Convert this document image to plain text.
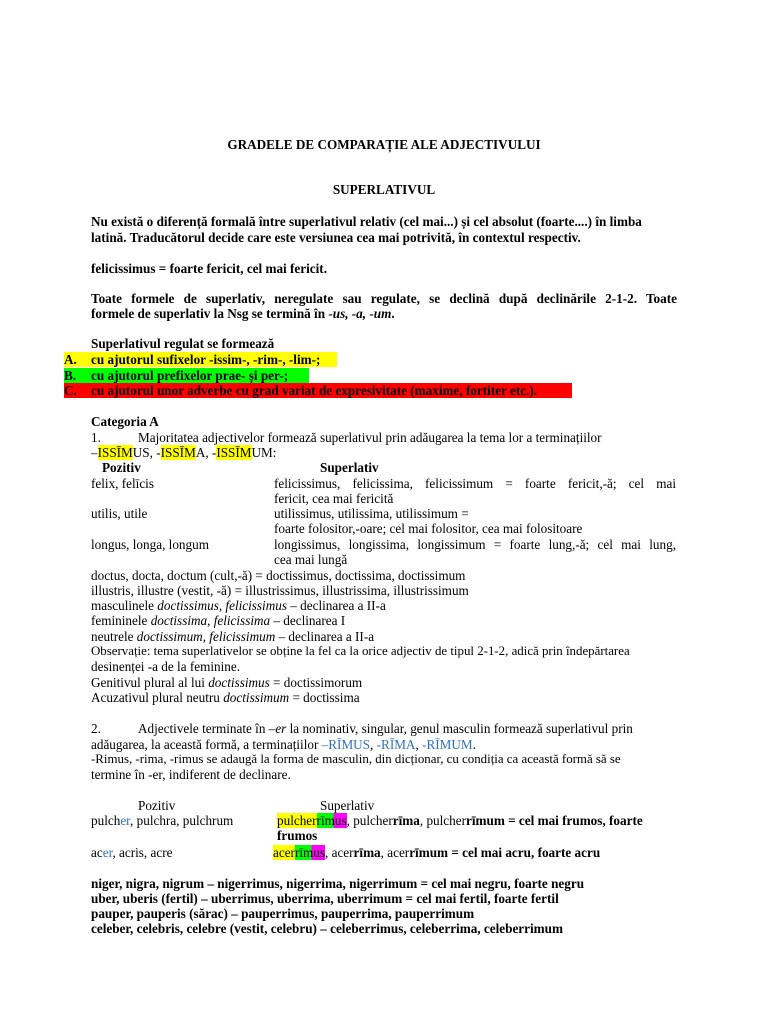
GRADELE DE COMPARAȚIE ALE ADJECTIVULUI
SUPERLATIVUL
Nu există o diferență formală între superlativul relativ (cel mai...) și cel absolut (foarte....) în limba
latină. Traducătorul decide care este versiunea cea mai potrivită, în contextul respectiv.
felicissimus = foarte fericit, cel mai fericit.
Toate formele de superlativ, neregulate sau regulate, se declină după declinările 2-1-2. Toate
formele de superlativ la Nsg se termină în -us, -a, -um.
Superlativul regulat se formează
A. cu ajutorul sufixelor -issim-, -rim-, -lim-;
B. cu ajutorul prefixelor prae- și per-;
C. cu ajutorul unor adverbe cu grad variat de expresivitate (maxime, fortiter etc.).
Categoria A
1.	Majoritatea adjectivelor formează superlativul prin adăugarea la tema lor a terminațiilor
–ISSĪMUS, -ISSĪMA, -ISSĪMUM:
Pozitiv	Superlativ
felix, felīcis	felicissimus, felicissima, felicissimum = foarte fericit,-ă; cel mai
fericit, cea mai fericită
utilis, utile	utilissimus, utilissima, utilissimum =
foarte folositor,-oare; cel mai folositor, cea mai folositoare
longus, longa, longum	longissimus, longissima, longissimum = foarte lung,-ă; cel mai lung,
cea mai lungă
doctus, docta, doctum (cult,-ă) = doctissimus, doctissima, doctissimum
illustris, illustre (vestit, -ă) = illustrissimus, illustrissima, illustrissimum
masculinele doctissimus, felicissimus – declinarea a II-a
femininele doctissima, felicissima – declinarea I
neutrele doctissimum, felicissimum – declinarea a II-a
Observație: tema superlativelor se obține la fel ca la orice adjectiv de tipul 2-1-2, adică prin îndepărtarea
desinenței -a de la feminine.
Genitivul plural al lui doctissimus = doctissimorum
Acuzativul plural neutru doctissimum = doctissima
2.	Adjectivele terminate în –er la nominativ, singular, genul masculin formează superlativul prin
adăugarea, la această formă, a terminațiilor –RĪMUS, -RĪMA, -RĪMUM.
-Rimus, -rima, -rimus se adaugă la forma de masculin, din dicționar, cu condiția ca această formă să se
termine în -er, indiferent de declinare.
Pozitiv	Superlativ
pulcher, pulchra, pulchrum	pulcherrīmus, pulcherrīma, pulcherrīmum = cel mai frumos, foarte
frumos
acer, acris, acre	acerrīmus, acerrīma, acerrīmum = cel mai acru, foarte acru
niger, nigra, nigrum – nigerrimus, nigerrima, nigerrimum = cel mai negru, foarte negru
uber, uberis (fertil) – uberrimus, uberrima, uberrimum = cel mai fertil, foarte fertil
pauper, pauperis (sărac) – pauperrimus, pauperrima, pauperrimum
celeber, celebris, celebre (vestit, celebru) – celeberrimus, celeberrima, celeberrimum
